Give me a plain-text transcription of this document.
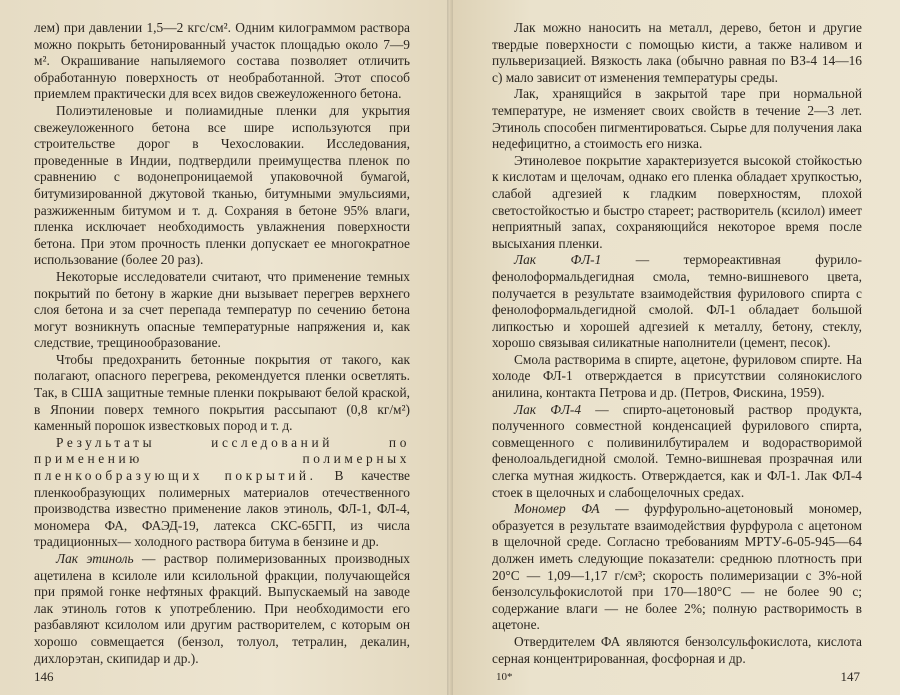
лем) при давлении 1,5—2 кгс/см². Одним килограммом раствора можно покрыть бетонированный участок площадью около 7—9 м². Окрашивание напыляемого состава позволяет отличить обработанную поверхность от необработанной. Этот способ приемлем практически для всех видов свежеуложенного бетона.

Полиэтиленовые и полиамидные пленки для укрытия свежеуложенного бетона все шире используются при строительстве дорог в Чехословакии. Исследования, проведенные в Индии, подтвердили преимущества пленок по сравнению с водонепроницаемой упаковочной бумагой, битумизированной джутовой тканью, битумными эмульсиями, разжиженным битумом и т. д. Сохраняя в бетоне 95% влаги, пленка исключает необходимость увлажнения поверхности бетона. При этом прочность пленки допускает ее многократное использование (более 20 раз).

Некоторые исследователи считают, что применение темных покрытий по бетону в жаркие дни вызывает перегрев верхнего слоя бетона и за счет перепада температур по сечению бетона могут возникнуть опасные температурные напряжения и, как следствие, трещинообразование.

Чтобы предохранить бетонные покрытия от такого, как полагают, опасного перегрева, рекомендуется пленки осветлять. Так, в США защитные темные пленки покрывают белой краской, в Японии поверх темного покрытия рассыпают (0,8 кг/м²) каменный порошок известковых пород и т. д.

Результаты исследований по применению полимерных пленкообразующих покрытий. В качестве пленкообразующих полимерных материалов отечественного производства известно применение лаков этиноль, ФЛ-1, ФЛ-4, мономера ФА, ФАЭД-19, латекса СКС-65ГП, из числа традиционных— холодного раствора битума в бензине и др.

Лак этиноль — раствор полимеризованных производных ацетилена в ксилоле или ксилольной фракции, получающейся при прямой гонке нефтяных фракций. Выпускаемый на заводе лак этиноль готов к употреблению. При необходимости его разбавляют ксилолом или другим растворителем, с которым он хорошо совмещается (бензол, толуол, тетралин, декалин, дихлорэтан, скипидар и др.).

146

Лак можно наносить на металл, дерево, бетон и другие твердые поверхности с помощью кисти, а также наливом и пульверизацией. Вязкость лака (обычно равная по ВЗ-4 14—16 с) мало зависит от изменения температуры среды.

Лак, хранящийся в закрытой таре при нормальной температуре, не изменяет своих свойств в течение 2—3 лет. Этиноль способен пигментироваться. Сырье для получения лака недефицитно, а стоимость его низка.

Этинолевое покрытие характеризуется высокой стойкостью к кислотам и щелочам, однако его пленка обладает хрупкостью, слабой адгезией к гладким поверхностям, плохой светостойкостью и быстро стареет; растворитель (ксилол) имеет неприятный запах, сохраняющийся некоторое время после высыхания пленки.

Лак ФЛ-1	— термореактивная фурило-фенолоформальдегидная смола, темно-вишневого цвета, получается в результате взаимодействия фурилового спирта с фенолоформальдегидной смолой. ФЛ-1 обладает большой липкостью и хорошей адгезией к металлу, бетону, стеклу, хорошо связывая силикатные наполнители (цемент, песок).

Смола растворима в спирте, ацетоне, фуриловом спирте. На холоде ФЛ-1 отверждается в присутствии солянокислого анилина, контакта Петрова и др. (Петров, Фискина, 1959).

Лак ФЛ-4 — спирто-ацетоновый раствор продукта, полученного совместной конденсацией фурилового спирта, совмещенного с поливинилбутиралем и водорастворимой фенолоальдегидной смолой. Темно-вишневая прозрачная или слегка мутная жидкость. Отверждается, как и ФЛ-1. Лак ФЛ-4 стоек в щелочных и слабощелочных средах.

Мономер ФА — фурфурольно-ацетоновый мономер, образуется в результате взаимодействия фурфурола с ацетоном в щелочной среде. Согласно требованиям МРТУ-6-05-945—64 должен иметь следующие показатели: среднюю плотность при 20°С — 1,09—1,17 г/см³; скорость полимеризации с 3%-ной бензолсульфокислотой при 170—180°С — не более 90 с; содержание влаги — не более 2%; полную растворимость в ацетоне.

Отвердителем ФА являются бензолсульфокислота, кислота серная концентрированная, фосфорная и др.

10*	147
